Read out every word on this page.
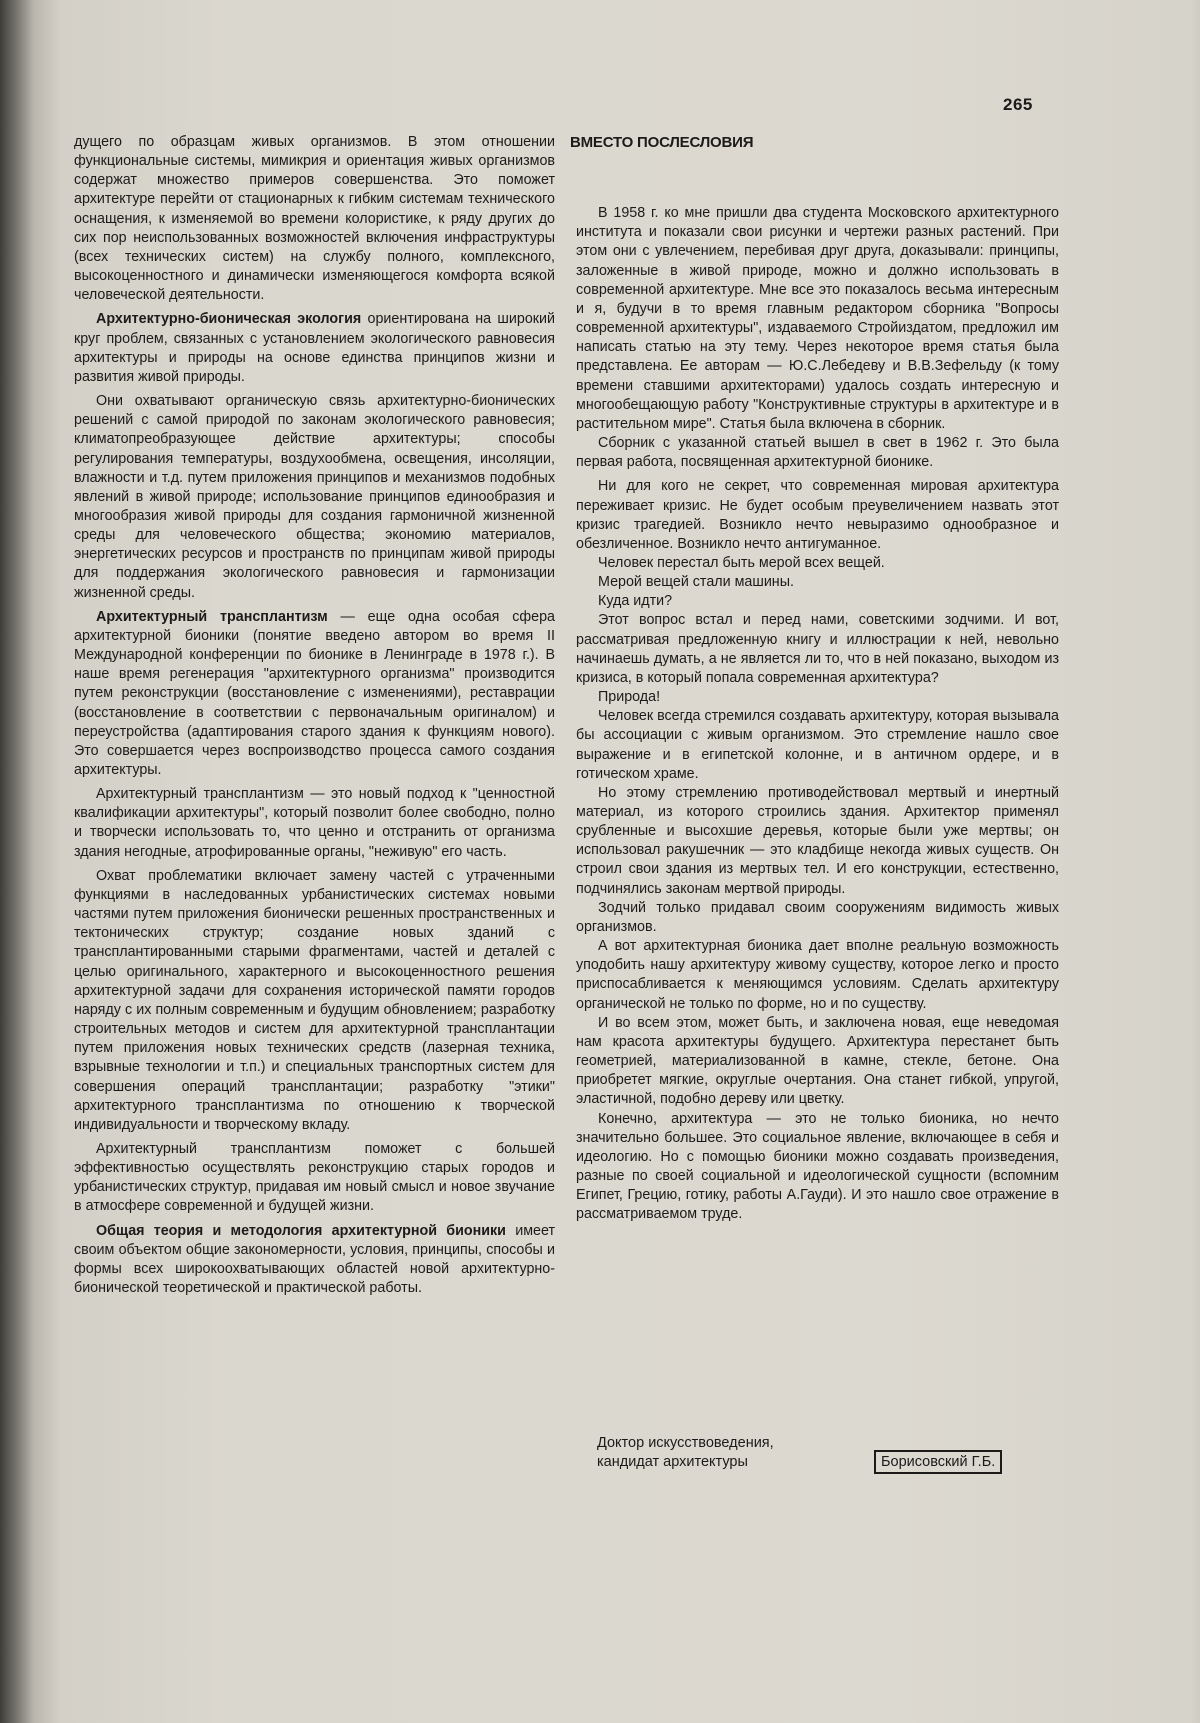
265

дущего по образцам живых организмов. В этом отношении функциональные системы, мимикрия и ориентация живых организмов содержат множество примеров совершенства. Это поможет архитектуре перейти от стационарных к гибким системам технического оснащения, к изменяемой во времени колористике, к ряду других до сих пор неиспользованных возможностей включения инфраструктуры (всех технических систем) на службу полного, комплексного, высокоценностного и динамически изменяющегося комфорта всякой человеческой деятельности.

Архитектурно-бионическая экология ориентирована на широкий круг проблем, связанных с установлением экологического равновесия архитектуры и природы на основе единства принципов жизни и развития живой природы.

Они охватывают органическую связь архитектурно-бионических решений с самой природой по законам экологического равновесия; климатопреобразующее действие архитектуры; способы регулирования температуры, воздухообмена, освещения, инсоляции, влажности и т.д. путем приложения принципов и механизмов подобных явлений в живой природе; использование принципов единообразия и многообразия живой природы для создания гармоничной жизненной среды для человеческого общества; экономию материалов, энергетических ресурсов и пространств по принципам живой природы для поддержания экологического равновесия и гармонизации жизненной среды.

Архитектурный трансплантизм — еще одна особая сфера архитектурной бионики (понятие введено автором во время II Международной конференции по бионике в Ленинграде в 1978 г.). В наше время регенерация "архитектурного организма" производится путем реконструкции (восстановление с изменениями), реставрации (восстановление в соответствии с первоначальным оригиналом) и переустройства (адаптирования старого здания к функциям нового). Это совершается через воспроизводство процесса самого создания архитектуры.

Архитектурный трансплантизм — это новый подход к "ценностной квалификации архитектуры", который позволит более свободно, полно и творчески использовать то, что ценно и отстранить от организма здания негодные, атрофированные органы, "неживую" его часть.

Охват проблематики включает замену частей с утраченными функциями в наследованных урбанистических системах новыми частями путем приложения бионически решенных пространственных и тектонических структур; создание новых зданий с трансплантированными старыми фрагментами, частей и деталей с целью оригинального, характерного и высокоценностного решения архитектурной задачи для сохранения исторической памяти городов наряду с их полным современным и будущим обновлением; разработку строительных методов и систем для архитектурной трансплантации путем приложения новых технических средств (лазерная техника, взрывные технологии и т.п.) и специальных транспортных систем для совершения операций трансплантации; разработку "этики" архитектурного трансплантизма по отношению к творческой индивидуальности и творческому вкладу.

Архитектурный трансплантизм поможет с большей эффективностью осуществлять реконструкцию старых городов и урбанистических структур, придавая им новый смысл и новое звучание в атмосфере современной и будущей жизни.

Общая теория и методология архитектурной бионики имеет своим объектом общие закономерности, условия, принципы, способы и формы всех широкоохватывающих областей новой архитектурно-бионической теоретической и практической работы.

ВМЕСТО ПОСЛЕСЛОВИЯ

В 1958 г. ко мне пришли два студента Московского архитектурного института и показали свои рисунки и чертежи разных растений. При этом они с увлечением, перебивая друг друга, доказывали: принципы, заложенные в живой природе, можно и должно использовать в современной архитектуре. Мне все это показалось весьма интересным и я, будучи в то время главным редактором сборника "Вопросы современной архитектуры", издаваемого Стройиздатом, предложил им написать статью на эту тему. Через некоторое время статья была представлена. Ее авторам — Ю.С.Лебедеву и В.В.Зефельду (к тому времени ставшими архитекторами) удалось создать интересную и многообещающую работу "Конструктивные структуры в архитектуре и в растительном мире". Статья была включена в сборник.

Сборник с указанной статьей вышел в свет в 1962 г. Это была первая работа, посвященная архитектурной бионике.

Ни для кого не секрет, что современная мировая архитектура переживает кризис. Не будет особым преувеличением назвать этот кризис трагедией. Возникло нечто невыразимо однообразное и обезличенное. Возникло нечто антигуманное.

Человек перестал быть мерой всех вещей.

Мерой вещей стали машины.

Куда идти?

Этот вопрос встал и перед нами, советскими зодчими. И вот, рассматривая предложенную книгу и иллюстрации к ней, невольно начинаешь думать, а не является ли то, что в ней показано, выходом из кризиса, в который попала современная архитектура?

Природа!

Человек всегда стремился создавать архитектуру, которая вызывала бы ассоциации с живым организмом. Это стремление нашло свое выражение и в египетской колонне, и в античном ордере, и в готическом храме.

Но этому стремлению противодействовал мертвый и инертный материал, из которого строились здания. Архитектор применял срубленные и высохшие деревья, которые были уже мертвы; он использовал ракушечник — это кладбище некогда живых существ. Он строил свои здания из мертвых тел. И его конструкции, естественно, подчинялись законам мертвой природы.

Зодчий только придавал своим сооружениям видимость живых организмов.

А вот архитектурная бионика дает вполне реальную возможность уподобить нашу архитектуру живому существу, которое легко и просто приспосабливается к меняющимся условиям. Сделать архитектуру органической не только по форме, но и по существу.

И во всем этом, может быть, и заключена новая, еще неведомая нам красота архитектуры будущего. Архитектура перестанет быть геометрией, материализованной в камне, стекле, бетоне. Она приобретет мягкие, округлые очертания. Она станет гибкой, упругой, эластичной, подобно дереву или цветку.

Конечно, архитектура — это не только бионика, но нечто значительно большее. Это социальное явление, включающее в себя и идеологию. Но с помощью бионики можно создавать произведения, разные по своей социальной и идеологической сущности (вспомним Египет, Грецию, готику, работы А.Гауди). И это нашло свое отражение в рассматриваемом труде.

Доктор искусствоведения,
кандидат архитектуры	Борисовский Г.Б.
